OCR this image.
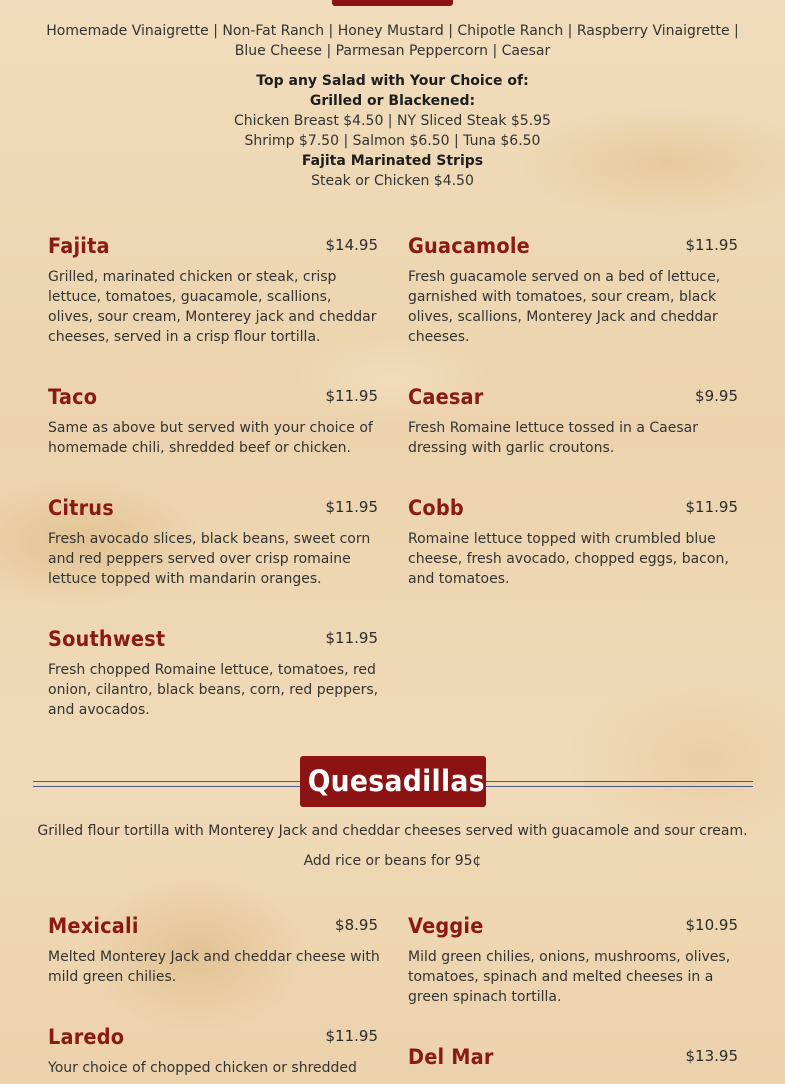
Homemade Vinaigrette | Non-Fat Ranch | Honey Mustard | Chipotle Ranch | Raspberry Vinaigrette | Blue Cheese | Parmesan Peppercorn | Caesar
Top any Salad with Your Choice of:
Grilled or Blackened:
Chicken Breast $4.50 | NY Sliced Steak $5.95
Shrimp $7.50 | Salmon $6.50 | Tuna $6.50
Fajita Marinated Strips
Steak or Chicken $4.50
Fajita	$14.95
Grilled, marinated chicken or steak, crisp lettuce, tomatoes, guacamole, scallions, olives, sour cream, Monterey jack and cheddar cheeses, served in a crisp flour tortilla.
Guacamole	$11.95
Fresh guacamole served on a bed of lettuce, garnished with tomatoes, sour cream, black olives, scallions, Monterey Jack and cheddar cheeses.
Taco	$11.95
Same as above but served with your choice of homemade chili, shredded beef or chicken.
Caesar	$9.95
Fresh Romaine lettuce tossed in a Caesar dressing with garlic croutons.
Citrus	$11.95
Fresh avocado slices, black beans, sweet corn and red peppers served over crisp romaine lettuce topped with mandarin oranges.
Cobb	$11.95
Romaine lettuce topped with crumbled blue cheese, fresh avocado, chopped eggs, bacon, and tomatoes.
Southwest	$11.95
Fresh chopped Romaine lettuce, tomatoes, red onion, cilantro, black beans, corn, red peppers, and avocados.
Quesadillas
Grilled flour tortilla with Monterey Jack and cheddar cheeses served with guacamole and sour cream.
Add rice or beans for 95¢
Mexicali	$8.95
Melted Monterey Jack and cheddar cheese with mild green chilies.
Veggie	$10.95
Mild green chilies, onions, mushrooms, olives, tomatoes, spinach and melted cheeses in a green spinach tortilla.
Laredo	$11.95
Your choice of chopped chicken or shredded	Del Mar	$13.95
